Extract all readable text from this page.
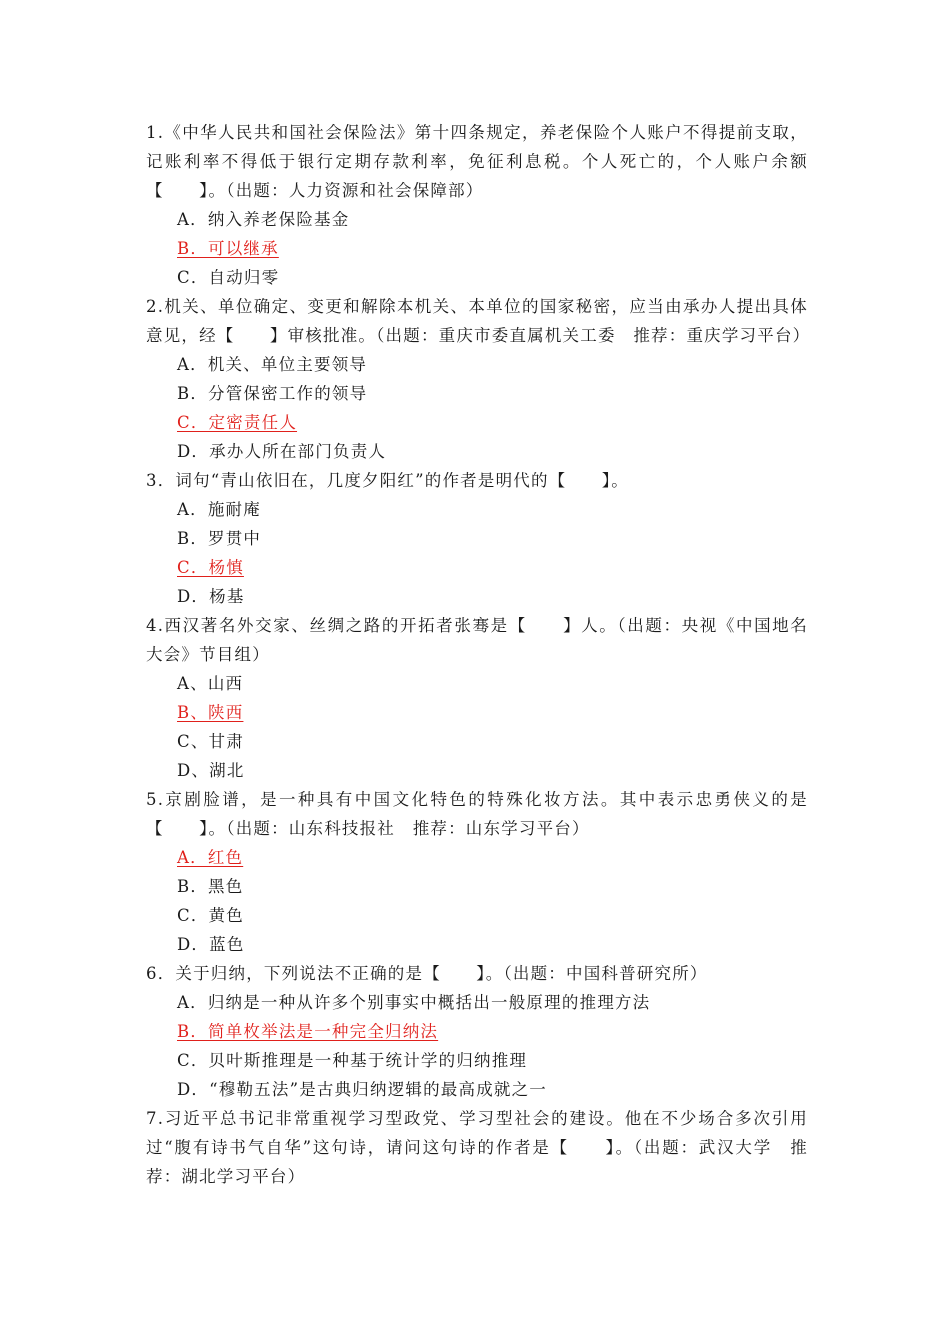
1.《中华人民共和国社会保险法》第十四条规定，养老保险个人账户不得提前支取，记账利率不得低于银行定期存款利率，免征利息税。个人死亡的，个人账户余额【　　】。（出题：人力资源和社会保障部）

A．纳入养老保险基金

B．可以继承

C．自动归零

2.机关、单位确定、变更和解除本机关、本单位的国家秘密，应当由承办人提出具体意见，经【　　】审核批准。（出题：重庆市委直属机关工委　推荐：重庆学习平台）

A．机关、单位主要领导

B．分管保密工作的领导

C．定密责任人

D．承办人所在部门负责人

3．词句“青山依旧在，几度夕阳红”的作者是明代的【　　】。

A．施耐庵

B．罗贯中

C．杨慎

D．杨基

4.西汉著名外交家、丝绸之路的开拓者张骞是【　　】人。（出题：央视《中国地名大会》节目组）

A、山西

B、陕西

C、甘肃

D、湖北

5.京剧脸谱，是一种具有中国文化特色的特殊化妆方法。其中表示忠勇侠义的是【　　】。（出题：山东科技报社　推荐：山东学习平台）

A．红色

B．黑色

C．黄色

D．蓝色

6．关于归纳，下列说法不正确的是【　　】。（出题：中国科普研究所）

A．归纳是一种从许多个别事实中概括出一般原理的推理方法

B．简单枚举法是一种完全归纳法

C．贝叶斯推理是一种基于统计学的归纳推理

D．“穆勒五法”是古典归纳逻辑的最高成就之一

7.习近平总书记非常重视学习型政党、学习型社会的建设。他在不少场合多次引用过“腹有诗书气自华”这句诗，请问这句诗的作者是【　　】。（出题：武汉大学　推荐：湖北学习平台）
